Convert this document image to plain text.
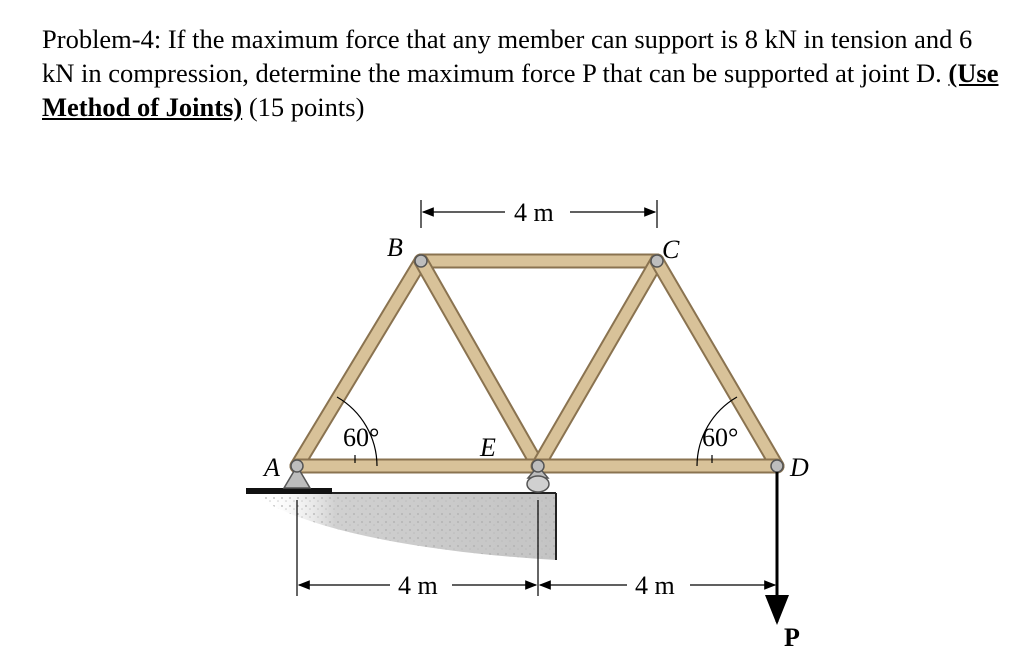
Problem-4: If the maximum force that any member can support is 8 kN in tension and 6 kN in compression, determine the maximum force P that can be supported at joint D. (Use Method of Joints) (15 points)
A
B	C
D
E
P
60°	60°
4 m
4 m	4 m
